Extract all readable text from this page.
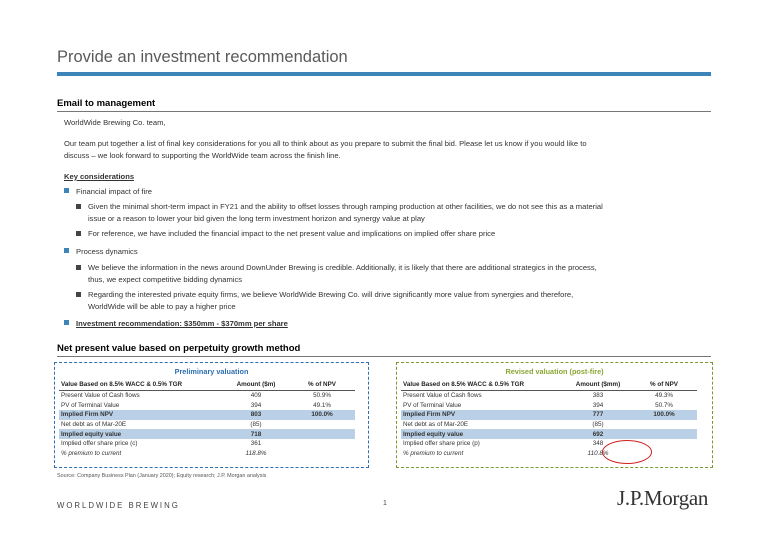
Provide an investment recommendation
Email to management
WorldWide Brewing Co. team,
Our team put together a list of final key considerations for you all to think about as you prepare to submit the final bid. Please let us know if you would like to
discuss – we look forward to supporting the WorldWide team across the finish line.
Key considerations
Financial impact of fire
Given the minimal short-term impact in FY21 and the ability to offset losses through ramping production at other facilities, we do not see this as a material
issue or a reason to lower your bid given the long term investment horizon and synergy value at play
For reference, we have included the financial impact to the net present value and implications on implied offer share price
Process dynamics
We believe the information in the news around DownUnder Brewing is credible. Additionally, it is likely that there are additional strategics in the process,
thus, we expect competitive bidding dynamics
Regarding the interested private equity firms, we believe WorldWide Brewing Co. will drive significantly more value from synergies and therefore,
WorldWide will be able to pay a higher price
Investment recommendation: $350mm - $370mm per share
Net present value based on perpetuity growth method
Preliminary valuation
Value Based on 8.5% WACC & 0.5% TGR	Amount ($m)	% of NPV
Present Value of Cash flows	409	50.9%
PV of Terminal Value	394	49.1%
Implied Firm NPV	803	100.0%
Net debt as of Mar-20E	(85)	
Implied equity value	718	
Implied offer share price (c)	361	
% premium to current	118.8%	
Revised valuation (post-fire)
Value Based on 8.5% WACC & 0.5% TGR	Amount ($mm)	% of NPV
Present Value of Cash flows	383	49.3%
PV of Terminal Value	394	50.7%
Implied Firm NPV	777	100.0%
Net debt as of Mar-20E	(85)	
Implied equity value	692	
Implied offer share price (p)	348	
% premium to current	110.8%	
Source: Company Business Plan (January 2020); Equity research; J.P. Morgan analysis
WORLDWIDE BREWING	1	J.P.Morgan
